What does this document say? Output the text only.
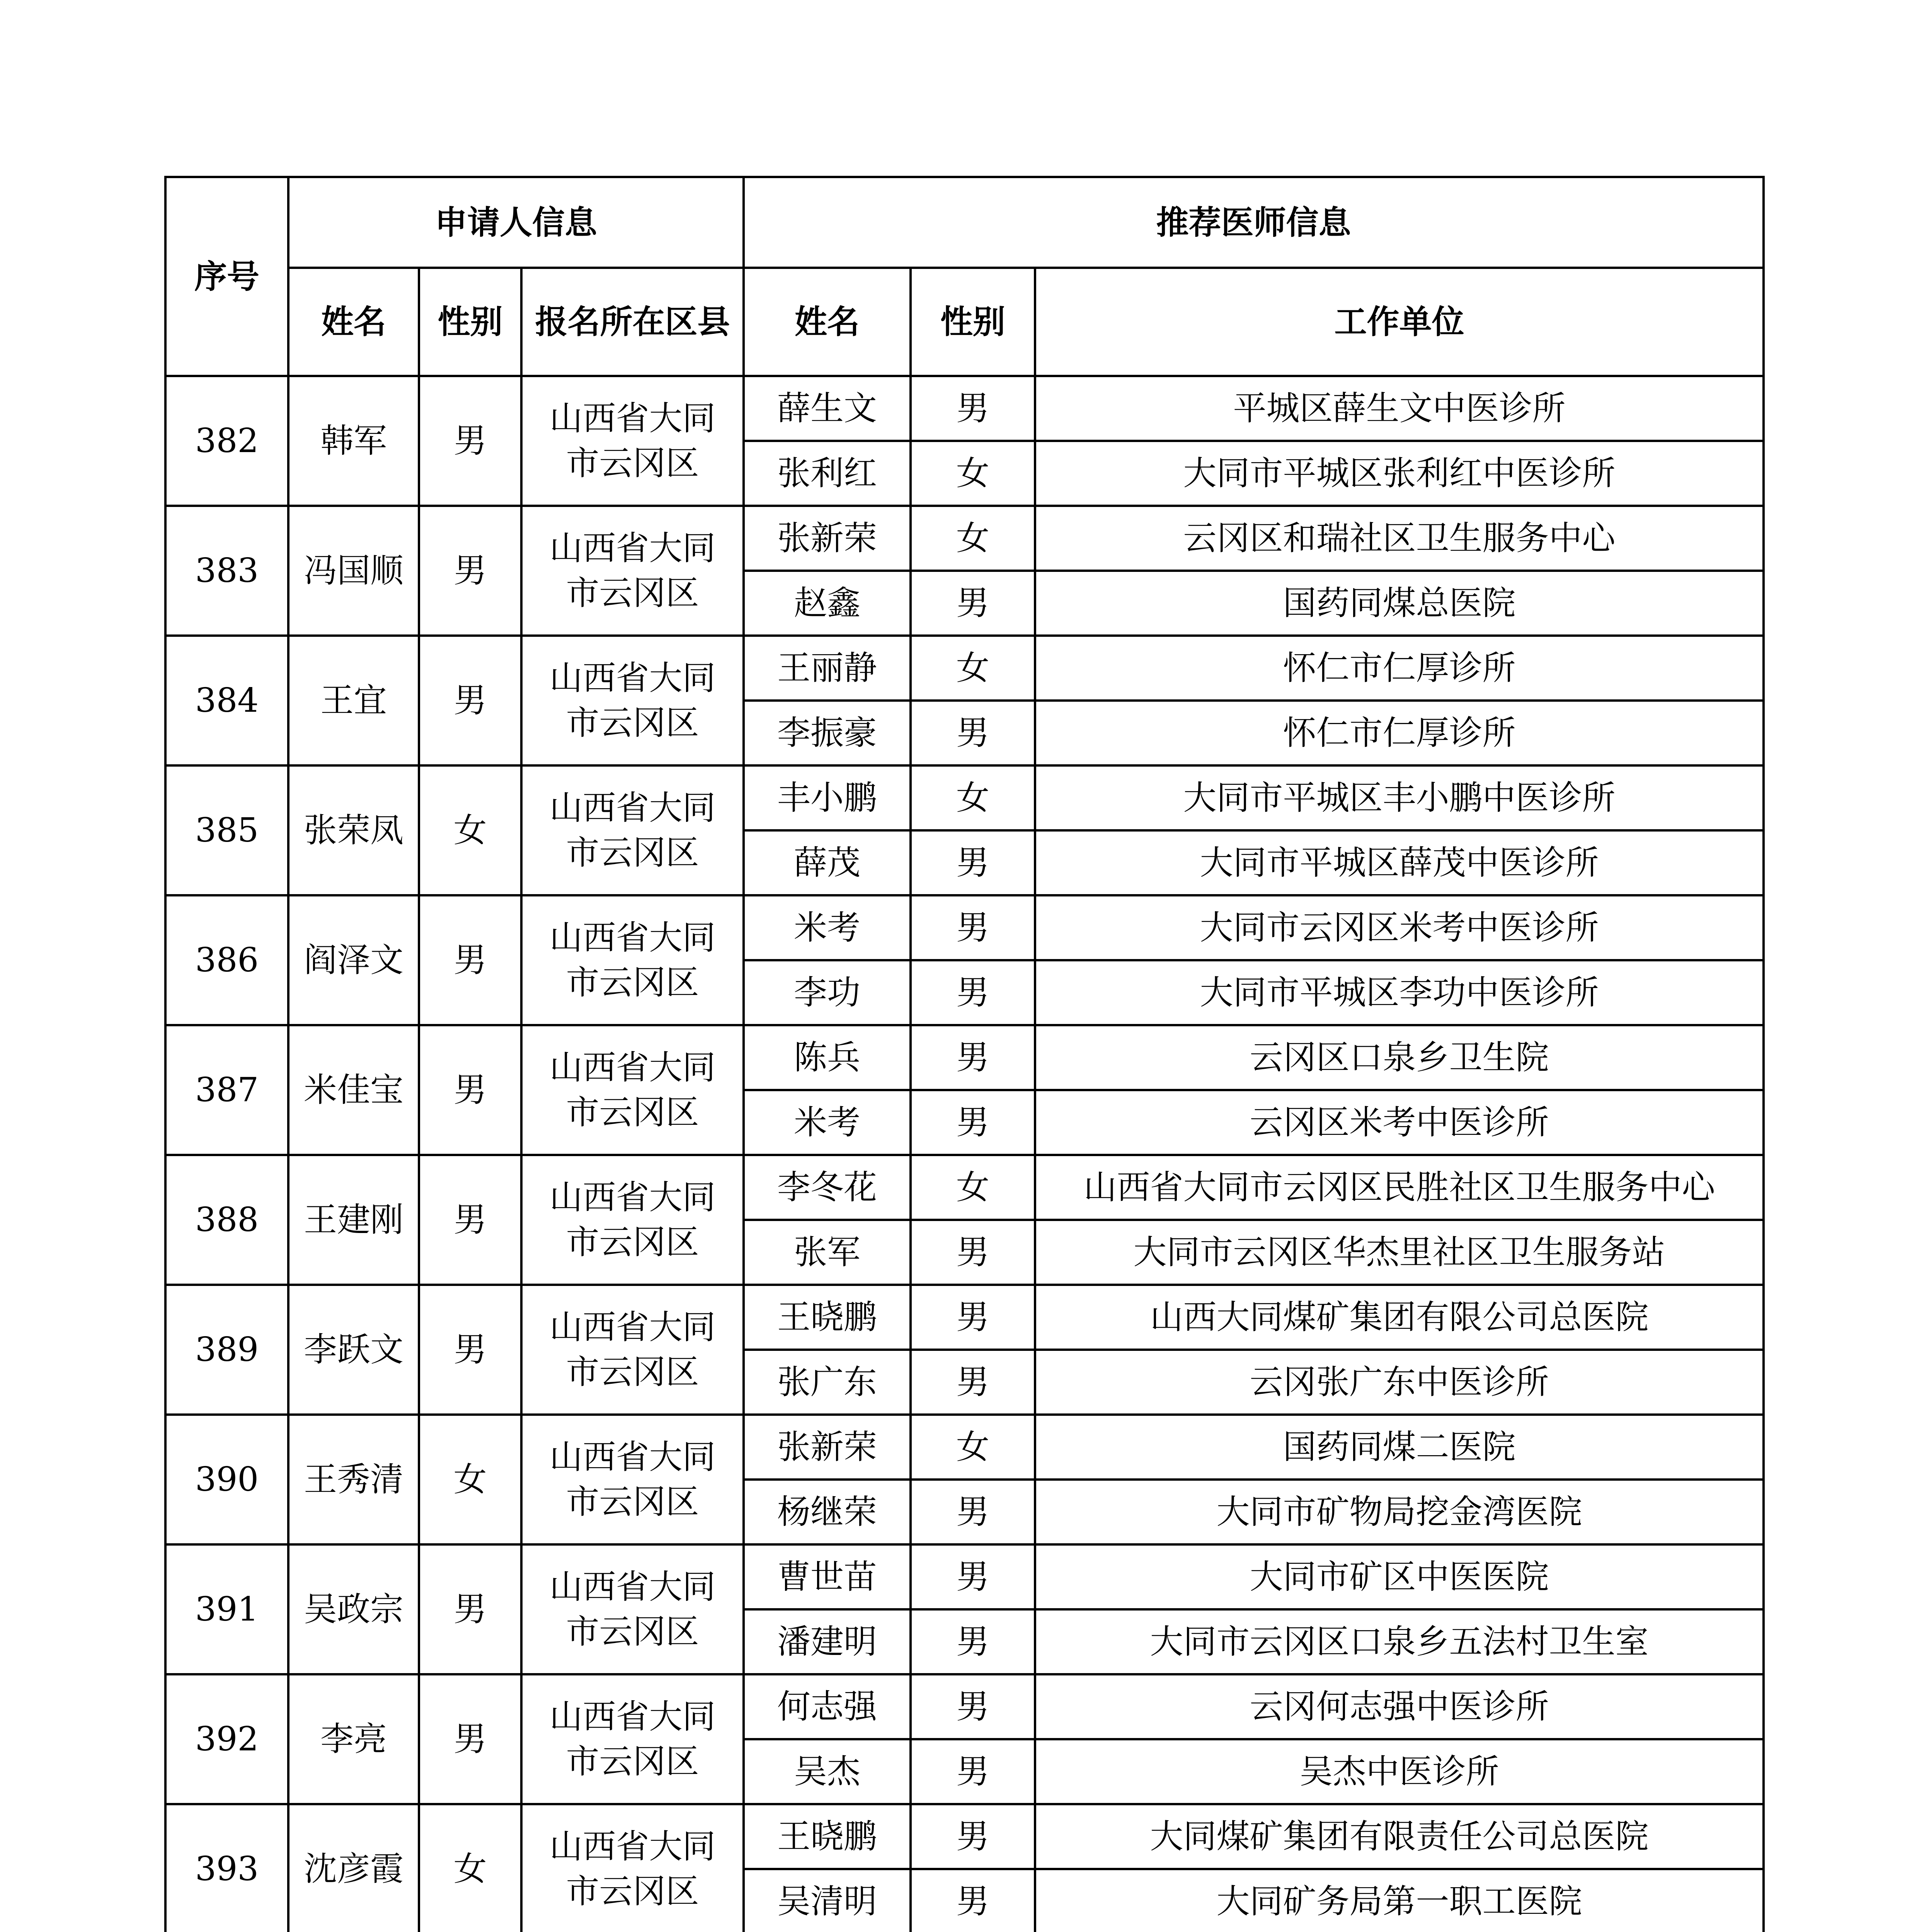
序号	申请人信息			推荐医师信息		
	姓名	性别	报名所在区县	姓名	性别	工作单位
382	韩军	男	山西省大同市云冈区	薛生文	男	平城区薛生文中医诊所
				张利红	女	大同市平城区张利红中医诊所
383	冯国顺	男	山西省大同市云冈区	张新荣	女	云冈区和瑞社区卫生服务中心
				赵鑫	男	国药同煤总医院
384	王宜	男	山西省大同市云冈区	王丽静	女	怀仁市仁厚诊所
				李振豪	男	怀仁市仁厚诊所
385	张荣凤	女	山西省大同市云冈区	丰小鹏	女	大同市平城区丰小鹏中医诊所
				薛茂	男	大同市平城区薛茂中医诊所
386	阎泽文	男	山西省大同市云冈区	米考	男	大同市云冈区米考中医诊所
				李功	男	大同市平城区李功中医诊所
387	米佳宝	男	山西省大同市云冈区	陈兵	男	云冈区口泉乡卫生院
				米考	男	云冈区米考中医诊所
388	王建刚	男	山西省大同市云冈区	李冬花	女	山西省大同市云冈区民胜社区卫生服务中心
				张军	男	大同市云冈区华杰里社区卫生服务站
389	李跃文	男	山西省大同市云冈区	王晓鹏	男	山西大同煤矿集团有限公司总医院
				张广东	男	云冈张广东中医诊所
390	王秀清	女	山西省大同市云冈区	张新荣	女	国药同煤二医院
				杨继荣	男	大同市矿物局挖金湾医院
391	吴政宗	男	山西省大同市云冈区	曹世苗	男	大同市矿区中医医院
				潘建明	男	大同市云冈区口泉乡五法村卫生室
392	李亮	男	山西省大同市云冈区	何志强	男	云冈何志强中医诊所
				吴杰	男	吴杰中医诊所
393	沈彦霞	女	山西省大同市云冈区	王晓鹏	男	大同煤矿集团有限责任公司总医院
				吴清明	男	大同矿务局第一职工医院
